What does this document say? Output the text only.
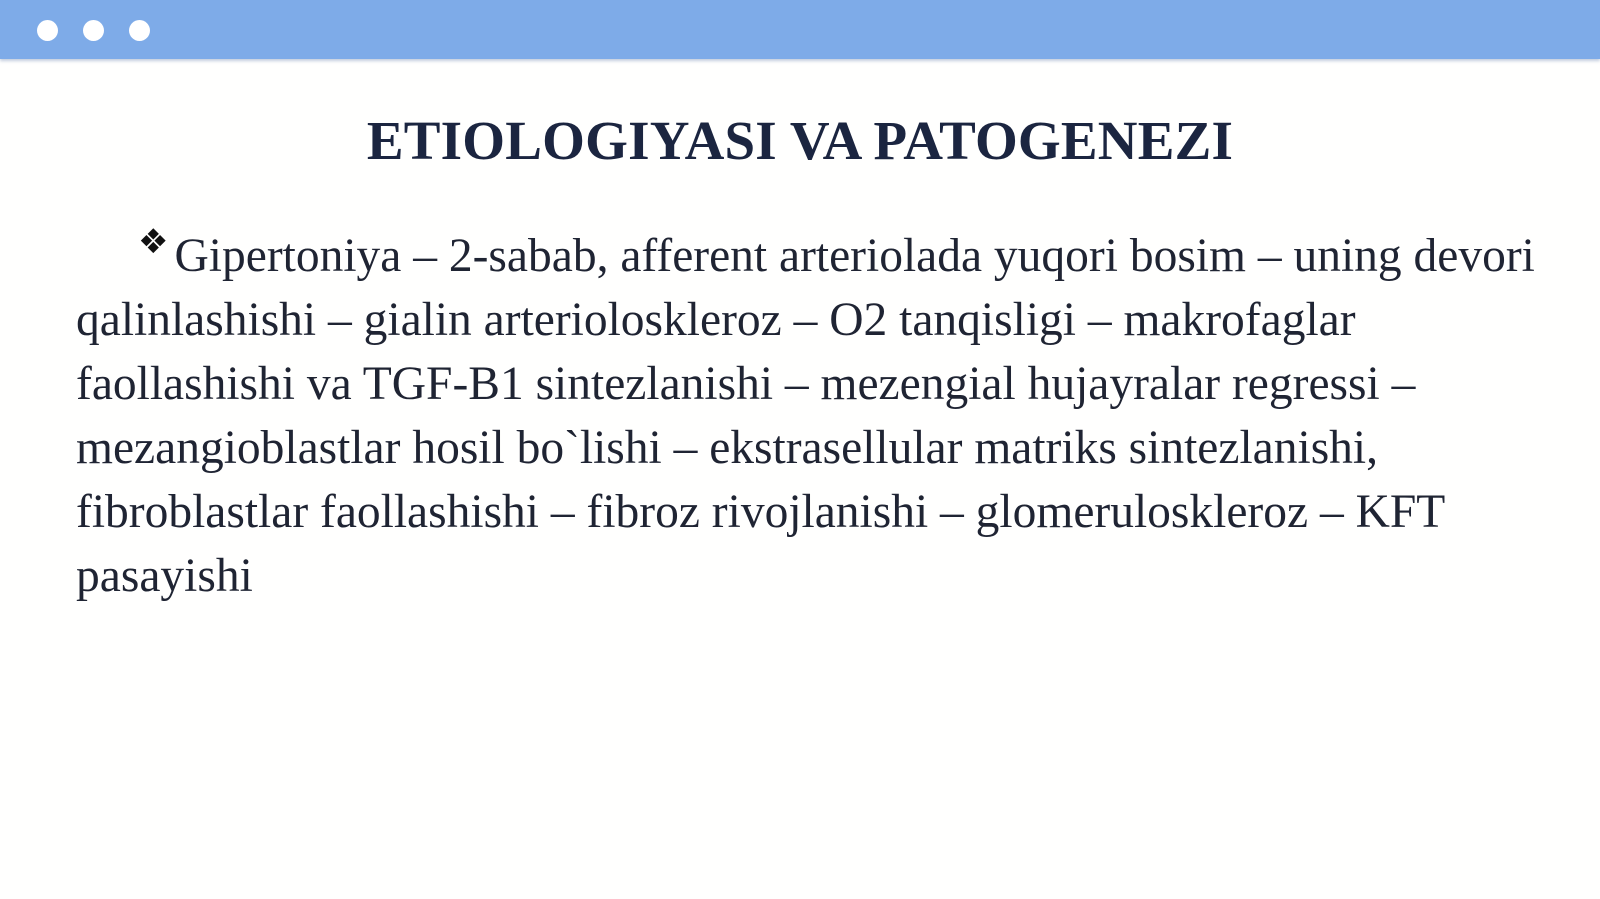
ETIOLOGIYASI VA PATOGENEZI

❖ Gipertoniya – 2-sabab, afferent arteriolada yuqori bosim – uning devori qalinlashishi – gialin arterioloskleroz – O2 tanqisligi – makrofaglar faollashishi va TGF-B1 sintezlanishi – mezengial hujayralar regressi – mezangioblastlar hosil bo`lishi – ekstrasellular matriks sintezlanishi, fibroblastlar faollashishi – fibroz rivojlanishi – glomeruloskleroz – KFT pasayishi
